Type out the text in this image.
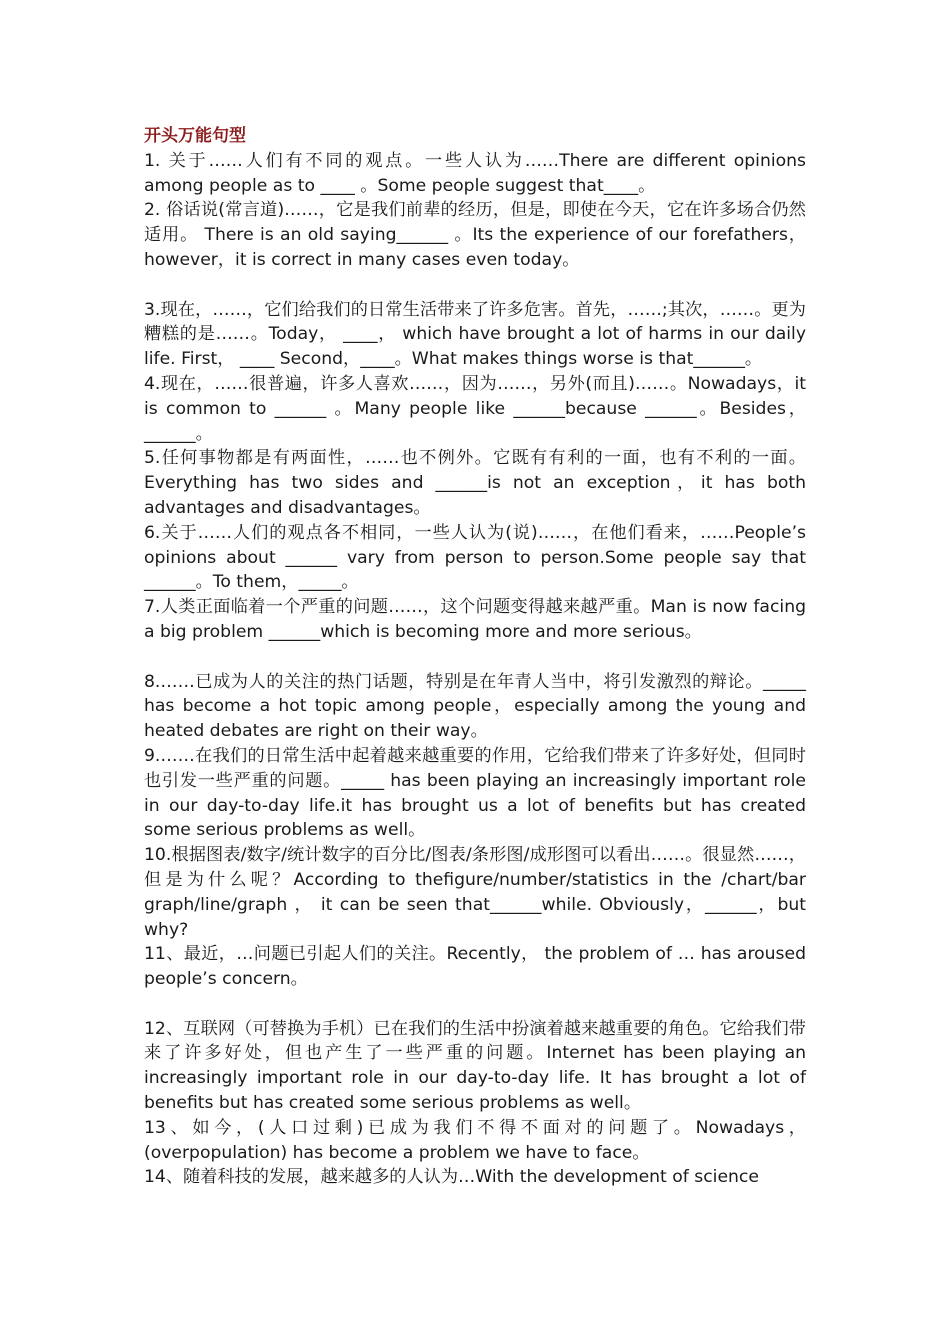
开头万能句型

1. 关于……人们有不同的观点。一些人认为……There are different opinions among people as to ____ 。Some people suggest that____。

2. 俗话说(常言道)……，它是我们前辈的经历，但是，即使在今天，它在许多场合仍然适用。 There is an old saying______ 。Its the experience of our forefathers，however，it is correct in many cases even today。

3.现在，……，它们给我们的日常生活带来了许多危害。首先，……;其次，……。更为糟糕的是……。Today， ____， which have brought a lot of harms in our daily life. First， ____ Second，____。What makes things worse is that______。

4.现在，……很普遍，许多人喜欢……，因为……，另外(而且)……。Nowadays，it is common to ______ 。Many people like ______because ______。Besides，______。

5.任何事物都是有两面性，……也不例外。它既有有利的一面，也有不利的一面。Everything has two sides and ______is not an exception，it has both advantages and disadvantages。

6.关于……人们的观点各不相同，一些人认为(说)……，在他们看来，……People’s opinions about ______ vary from person to person.Some people say that ______。To them，_____。

7.人类正面临着一个严重的问题……，这个问题变得越来越严重。Man is now facing a big problem ______which is becoming more and more serious。

8.……已成为人的关注的热门话题，特别是在年青人当中，将引发激烈的辩论。_____ has become a hot topic among people，especially among the young and heated debates are right on their way。

9.……在我们的日常生活中起着越来越重要的作用，它给我们带来了许多好处，但同时也引发一些严重的问题。_____ has been playing an increasingly important role in our day-to-day life.it has brought us a lot of benefits but has created some serious problems as well。

10.根据图表/数字/统计数字的百分比/图表/条形图/成形图可以看出……。很显然……，但是为什么呢？According to thefigure/number/statistics in the /chart/bar graph/line/graph ， it can be seen that______while. Obviously，______，but why?

11、最近，…问题已引起人们的关注。Recently， the problem of … has aroused people’s concern。

12、互联网（可替换为手机）已在我们的生活中扮演着越来越重要的角色。它给我们带来了许多好处，但也产生了一些严重的问题。Internet has been playing an increasingly important role in our day-to-day life. It has brought a lot of benefits but has created some serious problems as well。

13、如今，(人口过剩)已成为我们不得不面对的问题了。Nowadays，(overpopulation) has become a problem we have to face。

14、随着科技的发展，越来越多的人认为…With the development of science
